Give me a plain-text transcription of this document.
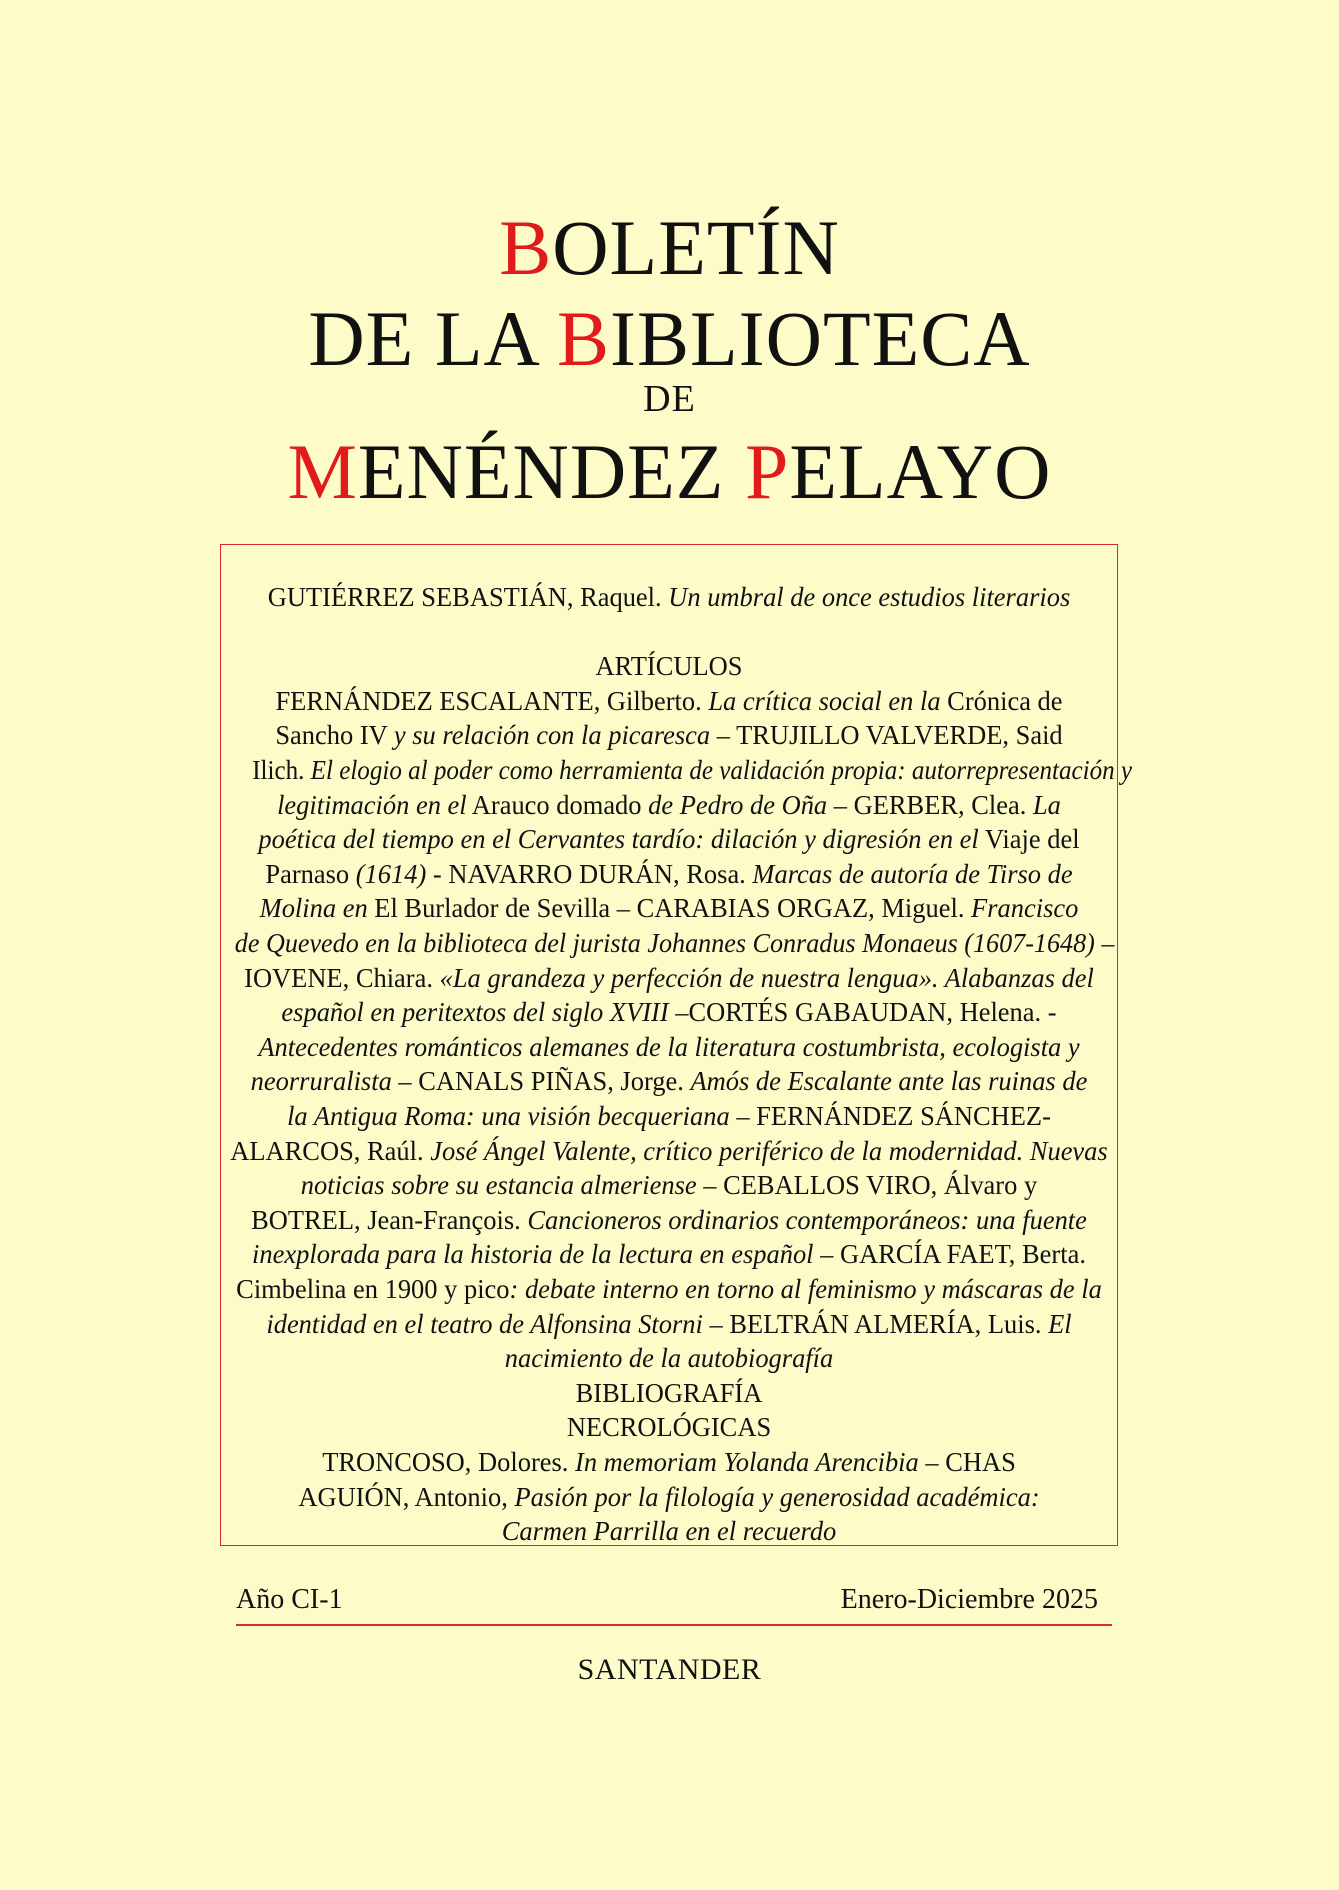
BOLETÍN
DE LA BIBLIOTECA
DE
MENÉNDEZ PELAYO
GUTIÉRREZ SEBASTIÁN, Raquel. Un umbral de once estudios literarios
ARTÍCULOS
FERNÁNDEZ ESCALANTE, Gilberto. La crítica social en la Crónica de
Sancho IV y su relación con la picaresca – TRUJILLO VALVERDE, Said
Ilich. El elogio al poder como herramienta de validación propia: autorrepresentación y
legitimación en el Arauco domado de Pedro de Oña – GERBER, Clea. La
poética del tiempo en el Cervantes tardío: dilación y digresión en el Viaje del
Parnaso (1614) - NAVARRO DURÁN, Rosa. Marcas de autoría de Tirso de
Molina en El Burlador de Sevilla – CARABIAS ORGAZ, Miguel. Francisco
de Quevedo en la biblioteca del jurista Johannes Conradus Monaeus (1607-1648) –
IOVENE, Chiara. «La grandeza y perfección de nuestra lengua». Alabanzas del
español en peritextos del siglo XVIII –CORTÉS GABAUDAN, Helena. -
Antecedentes románticos alemanes de la literatura costumbrista, ecologista y
neorruralista – CANALS PIÑAS, Jorge. Amós de Escalante ante las ruinas de
la Antigua Roma: una visión becqueriana – FERNÁNDEZ SÁNCHEZ-
ALARCOS, Raúl. José Ángel Valente, crítico periférico de la modernidad. Nuevas
noticias sobre su estancia almeriense – CEBALLOS VIRO, Álvaro y
BOTREL, Jean-François. Cancioneros ordinarios contemporáneos: una fuente
inexplorada para la historia de la lectura en español – GARCÍA FAET, Berta.
Cimbelina en 1900 y pico: debate interno en torno al feminismo y máscaras de la
identidad en el teatro de Alfonsina Storni – BELTRÁN ALMERÍA, Luis. El
nacimiento de la autobiografía
BIBLIOGRAFÍA
NECROLÓGICAS
TRONCOSO, Dolores. In memoriam Yolanda Arencibia – CHAS
AGUIÓN, Antonio, Pasión por la filología y generosidad académica:
Carmen Parrilla en el recuerdo
Año CI-1	Enero-Diciembre 2025
SANTANDER
